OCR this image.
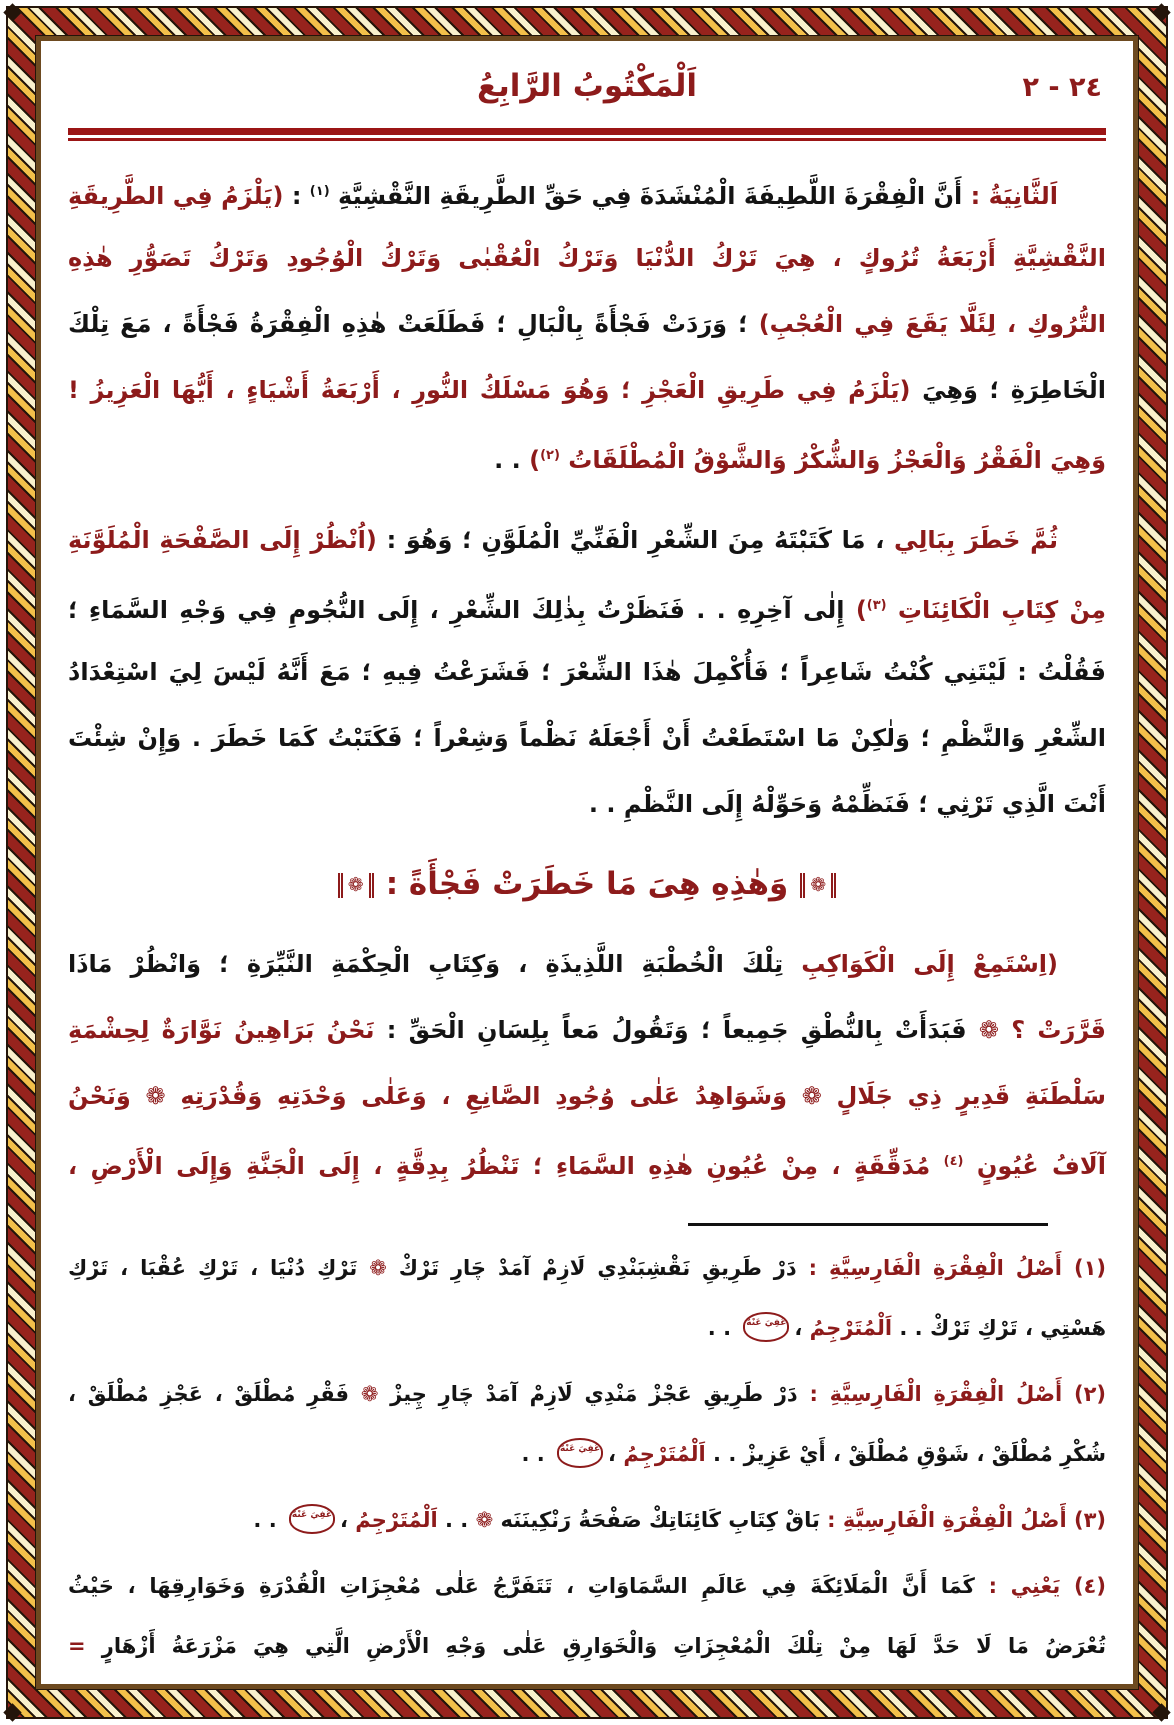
٢٤ - ٢
اَلْمَكْتُوبُ الرَّابِعُ
اَلثَّانِيَةُ : أَنَّ الْفِقْرَةَ اللَّطِيفَةَ الْمُنْشَدَةَ فِي حَقِّ الطَّرِيقَةِ النَّقْشِيَّةِ $^{(١)}$ : (يَلْزَمُ فِي الطَّرِيقَةِ
النَّقْشِيَّةِ أَرْبَعَةُ تُرُوكٍ ، هِيَ تَرْكُ الدُّنْيَا وَتَرْكُ الْعُقْبٰى وَتَرْكُ الْوُجُودِ وَتَرْكُ تَصَوُّرِ هٰذِهِ
التُّرُوكِ ، لِئَلَّا يَقَعَ فِي الْعُجْبِ) ؛ وَرَدَتْ فَجْأَةً بِالْبَالِ ؛ فَطَلَعَتْ هٰذِهِ الْفِقْرَةُ فَجْأَةً ، مَعَ تِلْكَ
الْخَاطِرَةِ ؛ وَهِيَ (يَلْزَمُ فِي طَرِيقِ الْعَجْزِ ؛ وَهُوَ مَسْلَكُ النُّورِ ، أَرْبَعَةُ أَشْيَاءٍ ، أَيُّهَا الْعَزِيزُ !
وَهِيَ الْفَقْرُ وَالْعَجْزُ وَالشُّكْرُ وَالشَّوْقُ الْمُطْلَقَاتُ $^{(٢)}$) . .
ثُمَّ خَطَرَ بِبَالِي ، مَا كَتَبْتَهُ مِنَ الشِّعْرِ الْفَنِّيِّ الْمُلَوَّنِ ؛ وَهُوَ : (اُنْظُرْ إِلَى الصَّفْحَةِ الْمُلَوَّنَةِ
مِنْ كِتَابِ الْكَائِنَاتِ $^{(٣)}$) إِلٰى آخِرِهِ . . فَنَظَرْتُ بِذٰلِكَ الشِّعْرِ ، إِلَى النُّجُومِ فِي وَجْهِ السَّمَاءِ ؛
فَقُلْتُ : لَيْتَنِي كُنْتُ شَاعِراً ؛ فَأُكْمِلَ هٰذَا الشِّعْرَ ؛ فَشَرَعْتُ فِيهِ ؛ مَعَ أَنَّهُ لَيْسَ لِيَ اسْتِعْدَادُ
الشِّعْرِ وَالنَّظْمِ ؛ وَلٰكِنْ مَا اسْتَطَعْتُ أَنْ أَجْعَلَهُ نَظْماً وَشِعْراً ؛ فَكَتَبْتُ كَمَا خَطَرَ . وَإِنْ شِئْتَ
أَنْتَ الَّذِي تَرْثِي ؛ فَنَظِّمْهُ وَحَوِّلْهُ إِلَى النَّظْمِ . .
❁وَهٰذِهِ هِىَ مَا خَطَرَتْ فَجْأَةً :❁
(اِسْتَمِعْ إِلَى الْكَوَاكِبِ تِلْكَ الْخُطْبَةِ اللَّذِيذَةِ ، وَكِتَابِ الْحِكْمَةِ النَّيِّرَةِ ؛ وَانْظُرْ مَاذَا
قَرَّرَتْ ؟ ❁ فَبَدَأَتْ بِالنُّطْقِ جَمِيعاً ؛ وَتَقُولُ مَعاً بِلِسَانِ الْحَقِّ : نَحْنُ بَرَاهِينُ نَوَّارَةٌ لِحِشْمَةِ
سَلْطَنَةِ قَدِيرٍ ذِي جَلَالٍ ❁ وَشَوَاهِدُ عَلٰى وُجُودِ الصَّانِعِ ، وَعَلٰى وَحْدَتِهِ وَقُدْرَتِهِ ❁ وَنَحْنُ
آلَافُ عُيُونٍ $^{(٤)}$ مُدَقِّقَةٍ ، مِنْ عُيُونِ هٰذِهِ السَّمَاءِ ؛ تَنْظُرُ بِدِقَّةٍ ، إِلَى الْجَنَّةِ وَإِلَى الْأَرْضِ ،
(١) أَصْلُ الْفِقْرَةِ الْفَارِسِيَّةِ : دَرْ طَرِيقِ نَقْشِبَنْدِي لَازِمْ آمَدْ چَارِ تَرْكْ ❁ تَرْكِ دُنْيَا ، تَرْكِ عُقْبَا ، تَرْكِ
هَسْتِي ، تَرْكِ تَرْكْ . . اَلْمُتَرْجِمُ ،عُفِيَ عَنْهُ . .
(٢) أَصْلُ الْفِقْرَةِ الْفَارِسِيَّةِ : دَرْ طَرِيقِ عَجْزْ مَنْدِي لَازِمْ آمَدْ چَارِ چِيزْ ❁ فَقْرِ مُطْلَقْ ، عَجْزِ مُطْلَقْ ،
شُكْرِ مُطْلَقْ ، شَوْقِ مُطْلَقْ ، أَيْ عَزِيزْ . . اَلْمُتَرْجِمُ ،عُفِيَ عَنْهُ . .
(٣) أَصْلُ الْفِقْرَةِ الْفَارِسِيَّةِ : بَاقْ كِتَابِ كَائِنَاتِكْ صَفْحَةُ رَنْكِينَنَه ❁ . . اَلْمُتَرْجِمُ ،عُفِيَ عَنْهُ . .
(٤) يَعْنِي : كَمَا أَنَّ الْمَلَائِكَةَ فِي عَالَمِ السَّمَاوَاتِ ، تَتَفَرَّجُ عَلٰى مُعْجِزَاتِ الْقُدْرَةِ وَخَوَارِقِهَا ، حَيْثُ
تُعْرَضُ مَا لَا حَدَّ لَهَا مِنْ تِلْكَ الْمُعْجِزَاتِ وَالْخَوَارِقِ عَلٰى وَجْهِ الْأَرْضِ الَّتِي هِيَ مَزْرَعَةُ أَزْهَارٍ =
